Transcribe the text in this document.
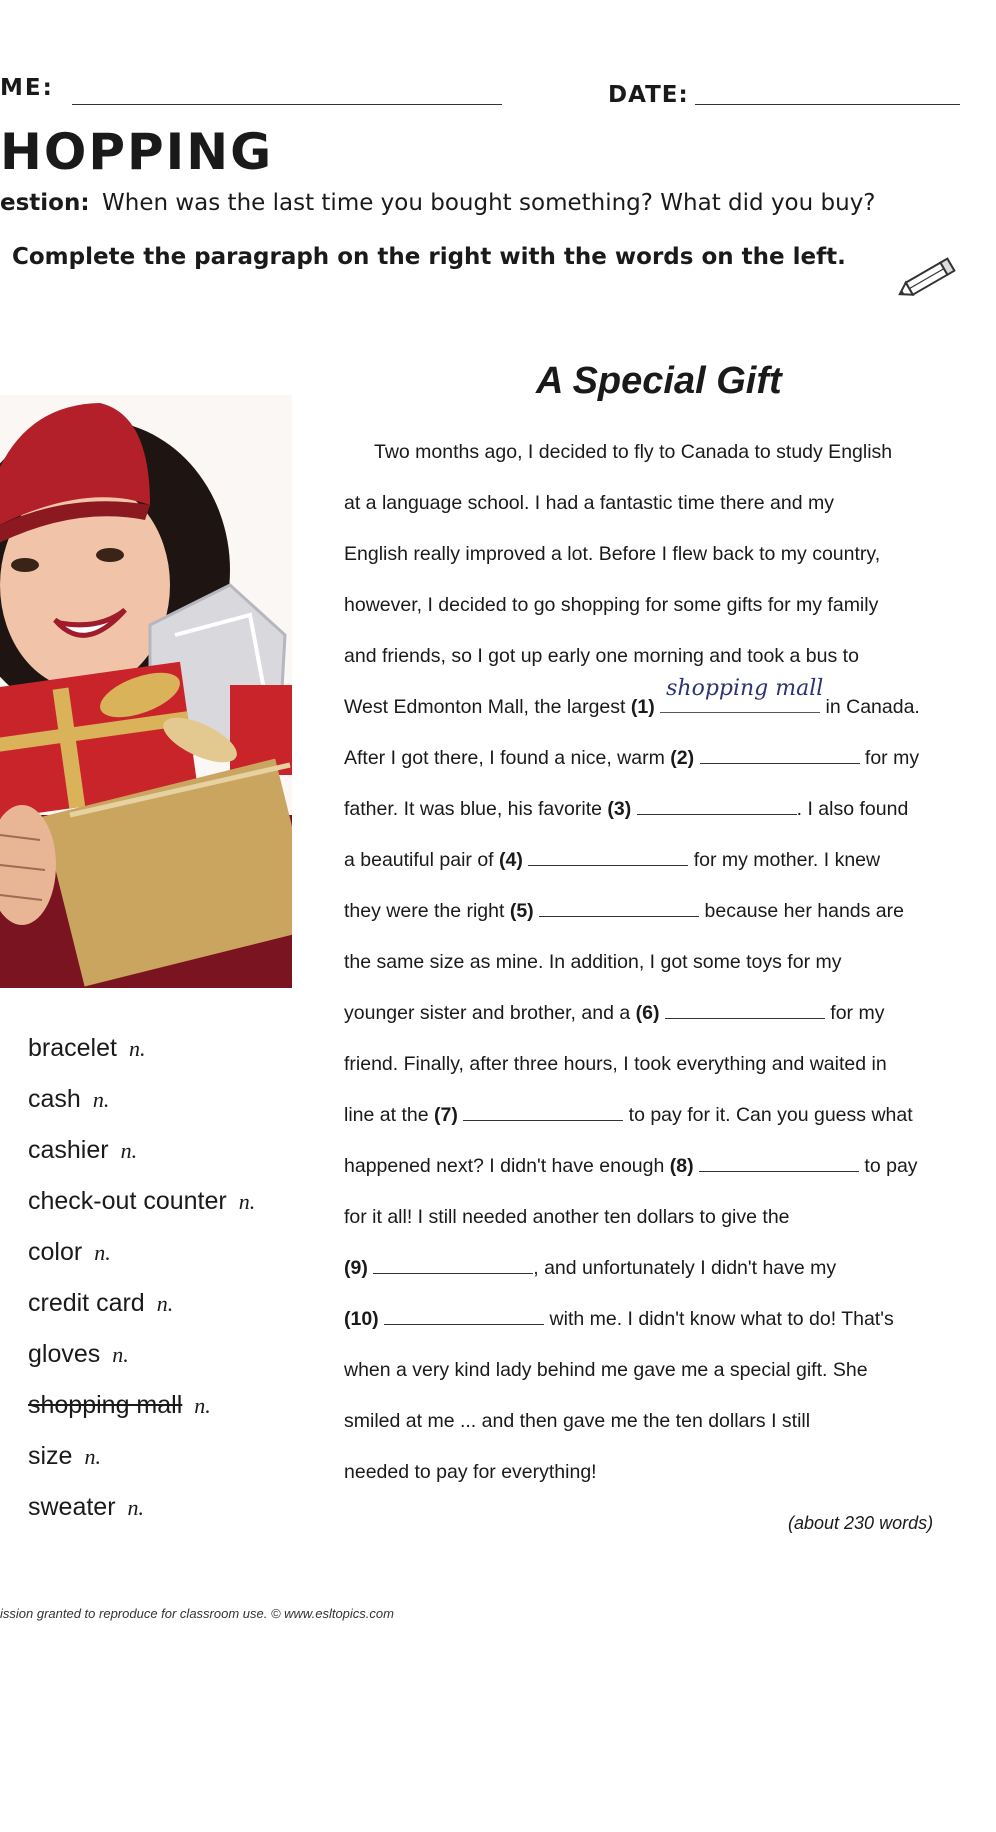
ME:	DATE:
HOPPING
estion: When was the last time you bought something? What did you buy?
Complete the paragraph on the right with the words on the left.
A Special Gift
Two months ago, I decided to fly to Canada to study English
at a language school. I had a fantastic time there and my
English really improved a lot. Before I flew back to my country,
however, I decided to go shopping for some gifts for my family
and friends, so I got up early one morning and took a bus to
West Edmonton Mall, the largest (1)
shopping mall
in Canada.
After I got there, I found a nice, warm (2)	for my
father. It was blue, his favorite (3)	. I also found
a beautiful pair of (4)	for my mother. I knew
they were the right (5)	because her hands are
the same size as mine. In addition, I got some toys for my
younger sister and brother, and a (6)	for my
friend. Finally, after three hours, I took everything and waited in
line at the (7)	to pay for it. Can you guess what
happened next? I didn't have enough (8)	to pay
for it all! I still needed another ten dollars to give the
(9)	, and unfortunately I didn't have my
(10)	with me. I didn't know what to do! That's
when a very kind lady behind me gave me a special gift. She
smiled at me ... and then gave me the ten dollars I still
needed to pay for everything!
(about 230 words)
bracelet n.
cash n.
cashier n.
check-out counter n.
color n.
credit card n.
gloves n.
shopping mall n.
size n.
sweater n.
ission granted to reproduce for classroom use. © www.esltopics.com
